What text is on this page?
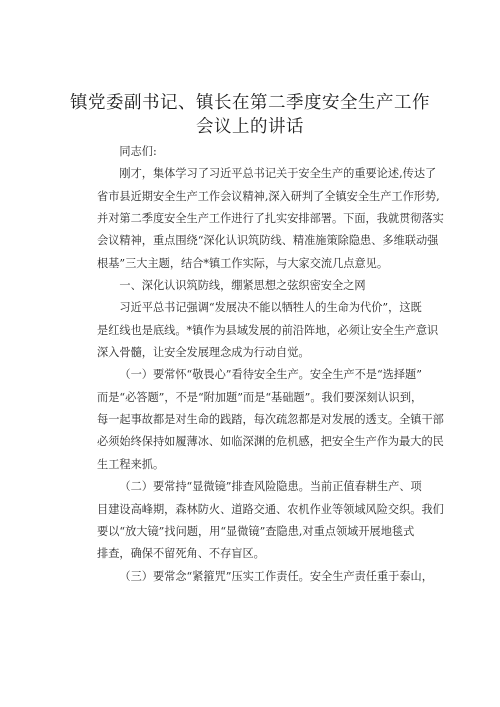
镇党委副书记、镇长在第二季度安全生产工作
会议上的讲话
同志们:
刚才，集体学习了习近平总书记关于安全生产的重要论述,传达了
省市县近期安全生产工作会议精神,深入研判了全镇安全生产工作形势,
并对第二季度安全生产工作进行了扎实安排部署。下面，我就贯彻落实
会议精神，重点围绕“深化认识筑防线、精准施策除隐患、多维联动强
根基”三大主题，结合*镇工作实际，与大家交流几点意见。
一、深化认识筑防线，绷紧思想之弦织密安全之网
习近平总书记强调“发展决不能以牺牲人的生命为代价”，这既
是红线也是底线。*镇作为县域发展的前沿阵地，必须让安全生产意识
深入骨髓，让安全发展理念成为行动自觉。
（一）要常怀“敬畏心”看待安全生产。安全生产不是“选择题”
而是“必答题”，不是“附加题”而是“基础题”。我们要深刻认识到，
每一起事故都是对生命的践踏，每次疏忽都是对发展的透支。全镇干部
必须始终保持如履薄冰、如临深渊的危机感，把安全生产作为最大的民
生工程来抓。
（二）要常持“显微镜”排查风险隐患。当前正值春耕生产、项
目建设高峰期，森林防火、道路交通、农机作业等领域风险交织。我们
要以“放大镜”找问题，用“显微镜”查隐患,对重点领域开展地毯式
排查，确保不留死角、不存盲区。
（三）要常念“紧箍咒”压实工作责任。安全生产责任重于泰山，
